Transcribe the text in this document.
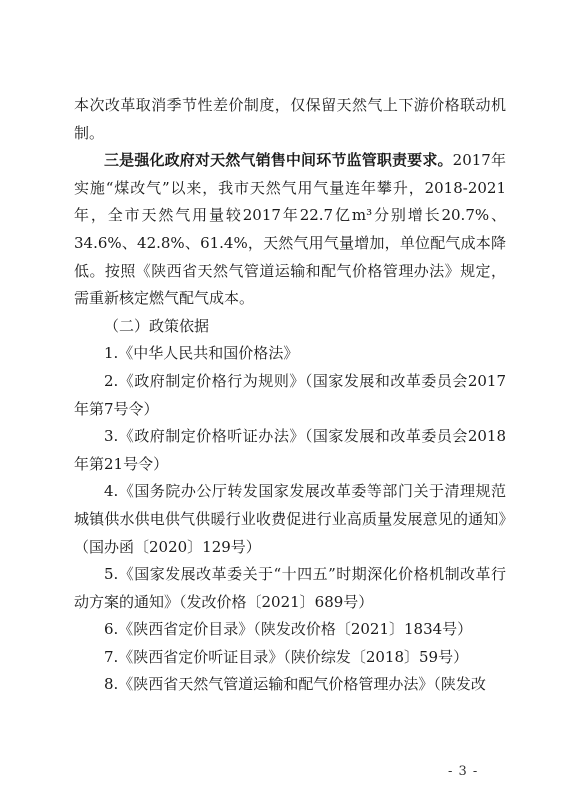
本次改革取消季节性差价制度，仅保留天然气上下游价格联动机制。

三是强化政府对天然气销售中间环节监管职责要求。2017年实施“煤改气”以来，我市天然气用气量连年攀升，2018-2021年，全市天然气用量较2017年22.7亿m³分别增长20.7%、34.6%、42.8%、61.4%，天然气用气量增加，单位配气成本降低。按照《陕西省天然气管道运输和配气价格管理办法》规定，需重新核定燃气配气成本。

（二）政策依据

1.《中华人民共和国价格法》

2.《政府制定价格行为规则》（国家发展和改革委员会2017年第7号令）

3.《政府制定价格听证办法》（国家发展和改革委员会2018年第21号令）

4.《国务院办公厅转发国家发展改革委等部门关于清理规范城镇供水供电供气供暖行业收费促进行业高质量发展意见的通知》（国办函〔2020〕129号）

5.《国家发展改革委关于“十四五”时期深化价格机制改革行动方案的通知》（发改价格〔2021〕689号）

6.《陕西省定价目录》（陕发改价格〔2021〕1834号）

7.《陕西省定价听证目录》（陕价综发〔2018〕59号）

8.《陕西省天然气管道运输和配气价格管理办法》（陕发改

- 3 -
